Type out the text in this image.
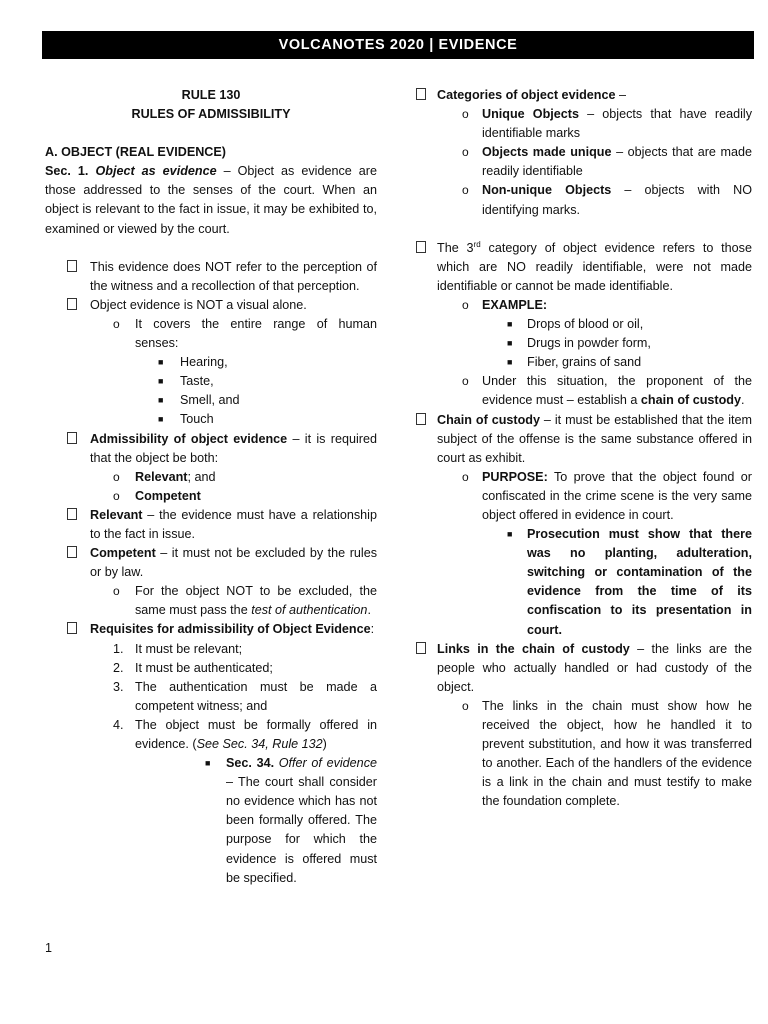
VOLCANOTES 2020 | EVIDENCE

RULE 130

RULES OF ADMISSIBILITY

A. OBJECT (REAL EVIDENCE)

Sec. 1. Object as evidence – Object as evidence are those addressed to the senses of the court. When an object is relevant to the fact in issue, it may be exhibited to, examined or viewed by the court.

This evidence does NOT refer to the perception of the witness and a recollection of that perception.
Object evidence is NOT a visual alone.
o It covers the entire range of human senses:
■ Hearing,
■ Taste,
■ Smell, and
■ Touch
Admissibility of object evidence – it is required that the object be both:
o Relevant; and
o Competent
Relevant – the evidence must have a relationship to the fact in issue.
Competent – it must not be excluded by the rules or by law.
o For the object NOT to be excluded, the same must pass the test of authentication.
Requisites for admissibility of Object Evidence:
1. It must be relevant;
2. It must be authenticated;
3. The authentication must be made a competent witness; and
4. The object must be formally offered in evidence. (See Sec. 34, Rule 132)
■ Sec. 34. Offer of evidence – The court shall consider no evidence which has not been formally offered. The purpose for which the evidence is offered must be specified.
Categories of object evidence –
o Unique Objects – objects that have readily identifiable marks
o Objects made unique – objects that are made readily identifiable
o Non-unique Objects – objects with NO identifying marks.
The 3rd category of object evidence refers to those which are NO readily identifiable, were not made identifiable or cannot be made identifiable.
o EXAMPLE:
■ Drops of blood or oil,
■ Drugs in powder form,
■ Fiber, grains of sand
o Under this situation, the proponent of the evidence must – establish a chain of custody.
Chain of custody – it must be established that the item subject of the offense is the same substance offered in court as exhibit.
o PURPOSE: To prove that the object found or confiscated in the crime scene is the very same object offered in evidence in court.
■ Prosecution must show that there was no planting, adulteration, switching or contamination of the evidence from the time of its confiscation to its presentation in court.
Links in the chain of custody – the links are the people who actually handled or had custody of the object.
o The links in the chain must show how he received the object, how he handled it to prevent substitution, and how it was transferred to another. Each of the handlers of the evidence is a link in the chain and must testify to make the foundation complete.
1
